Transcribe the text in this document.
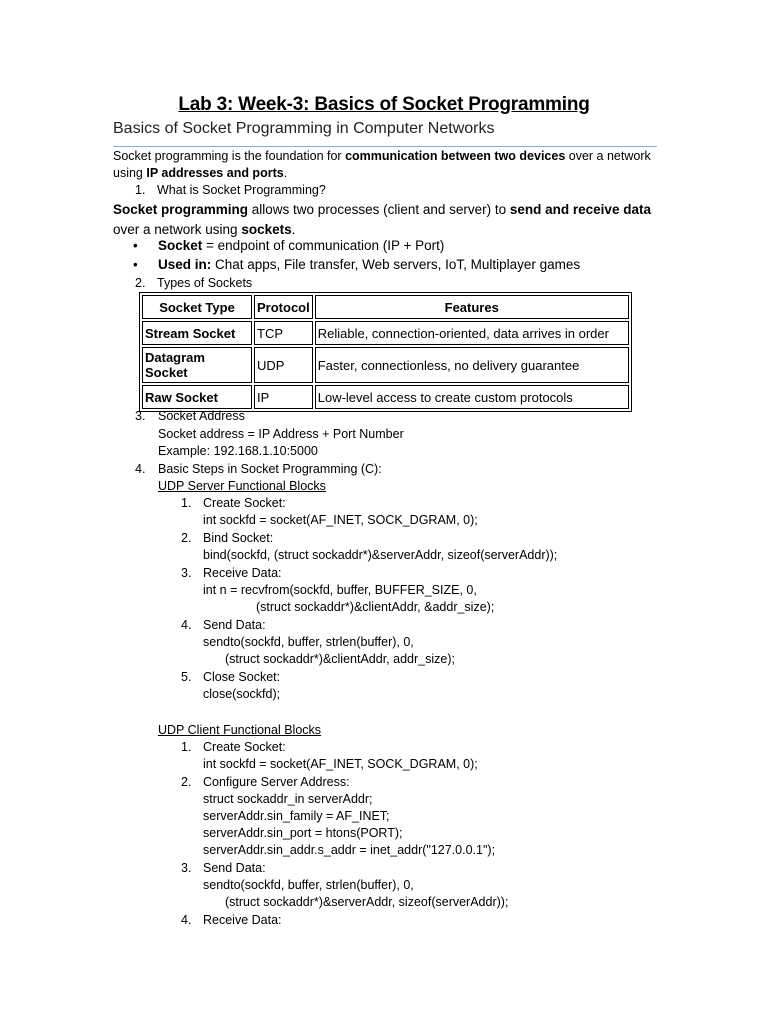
Lab 3: Week-3: Basics of Socket Programming
Basics of Socket Programming in Computer Networks
Socket programming is the foundation for communication between two devices over a network using IP addresses and ports.
1. What is Socket Programming?
Socket programming allows two processes (client and server) to send and receive data over a network using sockets.
• Socket = endpoint of communication (IP + Port)
• Used in: Chat apps, File transfer, Web servers, IoT, Multiplayer games
2. Types of Sockets
Socket Type	Protocol	Features
Stream Socket	TCP	Reliable, connection-oriented, data arrives in order
Datagram Socket	UDP	Faster, connectionless, no delivery guarantee
Raw Socket	IP	Low-level access to create custom protocols
3. Socket Address
Socket address = IP Address + Port Number
Example: 192.168.1.10:5000
4. Basic Steps in Socket Programming (C):
UDP Server Functional Blocks
1. Create Socket:
int sockfd = socket(AF_INET, SOCK_DGRAM, 0);
2. Bind Socket:
bind(sockfd, (struct sockaddr*)&serverAddr, sizeof(serverAddr));
3. Receive Data:
int n = recvfrom(sockfd, buffer, BUFFER_SIZE, 0,
(struct sockaddr*)&clientAddr, &addr_size);
4. Send Data:
sendto(sockfd, buffer, strlen(buffer), 0,
(struct sockaddr*)&clientAddr, addr_size);
5. Close Socket:
close(sockfd);
UDP Client Functional Blocks
1. Create Socket:
int sockfd = socket(AF_INET, SOCK_DGRAM, 0);
2. Configure Server Address:
struct sockaddr_in serverAddr;
serverAddr.sin_family = AF_INET;
serverAddr.sin_port = htons(PORT);
serverAddr.sin_addr.s_addr = inet_addr("127.0.0.1");
3. Send Data:
sendto(sockfd, buffer, strlen(buffer), 0,
(struct sockaddr*)&serverAddr, sizeof(serverAddr));
4. Receive Data:
